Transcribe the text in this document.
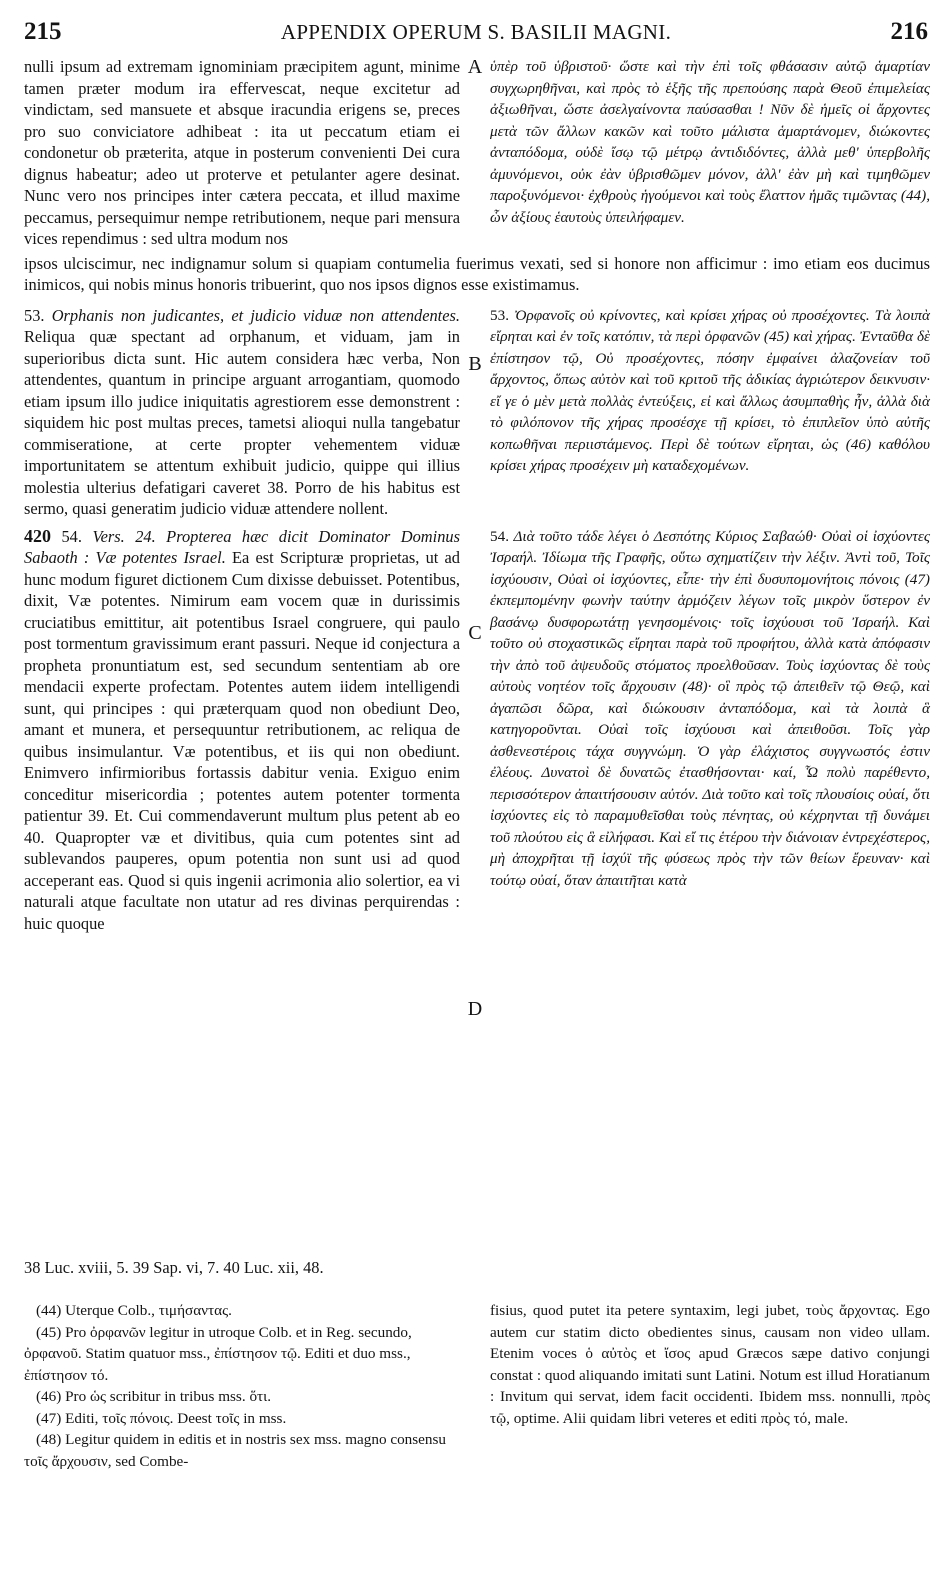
215	APPENDIX OPERUM S. BASILII MAGNI.	216

nulli ipsum ad extremam ignominiam præcipitem agunt, minime tamen præter modum ira effervescat, neque excitetur ad vindictam, sed mansuete et absque iracundia erigens se, preces pro suo conviciatore adhibeat : ita ut peccatum etiam ei condonetur ob præterita, atque in posterum convenienti Dei cura dignus habeatur; adeo ut proterve et petulanter agere desinat. Nunc vero nos principes inter cætera peccata, et illud maxime peccamus, persequimur nempe retributionem, neque pari mensura vices rependimus : sed ultra modum nos

A ὑπὲρ τοῦ ὑβριστοῦ· ὥστε καὶ τὴν ἐπὶ τοῖς φθάσασιν αὐτῷ ἁμαρτίαν συγχωρηθῆναι, καὶ πρὸς τὸ ἑξῆς τῆς πρεπούσης παρὰ Θεοῦ ἐπιμελείας ἀξιωθῆναι, ὥστε ἀσελγαίνοντα παύσασθαι ! Νῦν δὲ ἡμεῖς οἱ ἄρχοντες μετὰ τῶν ἄλλων κακῶν καὶ τοῦτο μάλιστα ἁμαρτάνομεν, διώκοντες ἀνταπόδομα, οὐδὲ ἴσῳ τῷ μέτρῳ ἀντιδιδόντες, ἀλλὰ μεθ' ὑπερβολῆς ἀμυνόμενοι, οὐκ ἐὰν ὑβρισθῶμεν μόνον, ἀλλ' ἐὰν μὴ καὶ τιμηθῶμεν παροξυνόμενοι· ἐχθροὺς ἡγούμενοι καὶ τοὺς ἔλαττον ἡμᾶς τιμῶντας (44), ὧν ἀξίους ἑαυτοὺς ὑπειλήφαμεν.

ipsos ulciscimur, nec indignamur solum si quapiam contumelia fuerimus vexati, sed si honore non afficimur : imo etiam eos ducimus inimicos, qui nobis minus honoris tribuerint, quo nos ipsos dignos esse existimamus.

53. Orphanis non judicantes, et judicio viduæ non attendentes. Reliqua quæ spectant ad orphanum, et viduam, jam in superioribus dicta sunt. Hic autem considera hæc verba, Non attendentes, quantum in principe arguant arrogantiam, quomodo etiam ipsum illo judice iniquitatis agrestiorem esse demonstrent : siquidem hic post multas preces, tametsi alioqui nulla tangebatur commiseratione, at certe propter vehementem viduæ importunitatem se attentum exhibuit judicio, quippe qui illius molestia ulterius defatigari caveret 38. Porro de his habitus est sermo, quasi generatim judicio viduæ attendere nollent.
B
53. Ὀρφανοῖς οὐ κρίνοντες, καὶ κρίσει χήρας οὐ προσέχοντες. Τὰ λοιπὰ εἴρηται καὶ ἐν τοῖς κατόπιν, τὰ περὶ ὀρφανῶν (45) καὶ χήρας. Ἐνταῦθα δὲ ἐπίστησον τῷ, Οὐ προσέχοντες, πόσην ἐμφαίνει ἀλαζονείαν τοῦ ἄρχοντος, ὅπως αὐτὸν καὶ τοῦ κριτοῦ τῆς ἀδικίας ἀγριώτερον δεικνυσιν· εἴ γε ὁ μὲν μετὰ πολλὰς ἐντεύξεις, εἰ καὶ ἄλλως ἀσυμπαθὴς ἦν, ἀλλὰ διὰ τὸ φιλόπονον τῆς χήρας προσέσχε τῇ κρίσει, τὸ ἐπιπλεῖον ὑπὸ αὐτῆς κοπωθῆναι περιιστάμενος. Περὶ δὲ τούτων εἴρηται, ὡς (46) καθόλου κρίσει χήρας προσέχειν μὴ καταδεχομένων.
420 54. Vers. 24. Propterea hæc dicit Dominator Dominus Sabaoth : Væ potentes Israel. Ea est Scripturæ proprietas, ut ad hunc modum figuret dictionem Cum dixisse debuisset. Potentibus, dixit, Væ potentes. Nimirum eam vocem quæ in durissimis cruciatibus emittitur, ait potentibus Israel congruere, qui paulo post tormentum gravissimum erant passuri. Neque id conjectura a propheta pronuntiatum est, sed secundum sententiam ab ore mendacii experte profectam. Potentes autem iidem intelligendi sunt, qui principes : qui præterquam quod non obediunt Deo, amant et munera, et persequuntur retributionem, ac reliqua de quibus insimulantur. Væ potentibus, et iis qui non obediunt. Enimvero infirmioribus fortassis dabitur venia. Exiguo enim conceditur misericordia ; potentes autem potenter tormenta patientur 39. Et. Cui commendaverunt multum plus petent ab eo 40. Quapropter væ et divitibus, quia cum potentes sint ad sublevandos pauperes, opum potentia non sunt usi ad quod acceperant eas. Quod si quis ingenii acrimonia alio solertior, ea vi naturali atque facultate non utatur ad res divinas perquirendas : huic quoque
C
D
54. Διὰ τοῦτο τάδε λέγει ὁ Δεσπότης Κύριος Σαβαώθ· Οὐαὶ οἱ ἰσχύοντες Ἰσραήλ. Ἰδίωμα τῆς Γραφῆς, οὕτω σχηματίζειν τὴν λέξιν. Ἀντὶ τοῦ, Τοῖς ἰσχύουσιν, Οὐαὶ οἱ ἰσχύοντες, εἶπε· τὴν ἐπὶ δυσυπομονήτοις πόνοις (47) ἐκπεμπομένην φωνὴν ταύτην ἁρμόζειν λέγων τοῖς μικρὸν ὕστερον ἐν βασάνῳ δυσφορωτάτῃ γενησομένοις· τοῖς ἰσχύουσι τοῦ Ἰσραήλ. Καὶ τοῦτο οὐ στοχαστικῶς εἴρηται παρὰ τοῦ προφήτου, ἀλλὰ κατὰ ἀπόφασιν τὴν ἀπὸ τοῦ ἀψευδοῦς στόματος προελθοῦσαν. Τοὺς ἰσχύοντας δὲ τοὺς αὐτοὺς νοητέον τοῖς ἄρχουσιν (48)· οἳ πρὸς τῷ ἀπειθεῖν τῷ Θεῷ, καὶ ἀγαπῶσι δῶρα, καὶ διώκουσιν ἀνταπόδομα, καὶ τὰ λοιπὰ ἃ κατηγοροῦνται. Οὐαὶ τοῖς ἰσχύουσι καὶ ἀπειθοῦσι. Τοῖς γὰρ ἀσθενεστέροις τάχα συγγνώμη. Ὁ γὰρ ἐλάχιστος συγγνωστός ἐστιν ἐλέους. Δυνατοὶ δὲ δυνατῶς ἐτασθήσονται· καί, Ὧ πολὺ παρέθεντο, περισσότερον ἀπαιτήσουσιν αὐτόν. Διὰ τοῦτο καὶ τοῖς πλουσίοις οὐαί, ὅτι ἰσχύοντες εἰς τὸ παραμυθεῖσθαι τοὺς πένητας, οὐ κέχρηνται τῇ δυνάμει τοῦ πλούτου εἰς ἃ εἰλήφασι. Καὶ εἴ τις ἑτέρου τὴν διάνοιαν ἐντρεχέστερος, μὴ ἀποχρῆται τῇ ἰσχύϊ τῆς φύσεως πρὸς τὴν τῶν θείων ἔρευναν· καὶ τούτῳ οὐαί, ὅταν ἀπαιτῆται κατὰ
38 Luc. xviii, 5. 39 Sap. vi, 7. 40 Luc. xii, 48.

(44) Uterque Colb., τιμήσαντας.

(45) Pro ὀρφανῶν legitur in utroque Colb. et in Reg. secundo, ὀρφανοῦ. Statim quatuor mss., ἐπίστησον τῷ. Editi et duo mss., ἐπίστησον τό.

(46) Pro ὡς scribitur in tribus mss. ὅτι.

(47) Editi, τοῖς πόνοις. Deest τοῖς in mss.

(48) Legitur quidem in editis et in nostris sex mss. magno consensu τοῖς ἄρχουσιν, sed Combe-

fisius, quod putet ita petere syntaxim, legi jubet, τοὺς ἄρχοντας. Ego autem cur statim dicto obedientes sinus, causam non video ullam. Etenim voces ὁ αὐτὸς et ἴσος apud Græcos sæpe dativo conjungi constat : quod aliquando imitati sunt Latini. Notum est illud Horatianum : Invitum qui servat, idem facit occidenti. Ibidem mss. nonnulli, πρὸς τῷ, optime. Alii quidam libri veteres et editi πρὸς τό, male.
